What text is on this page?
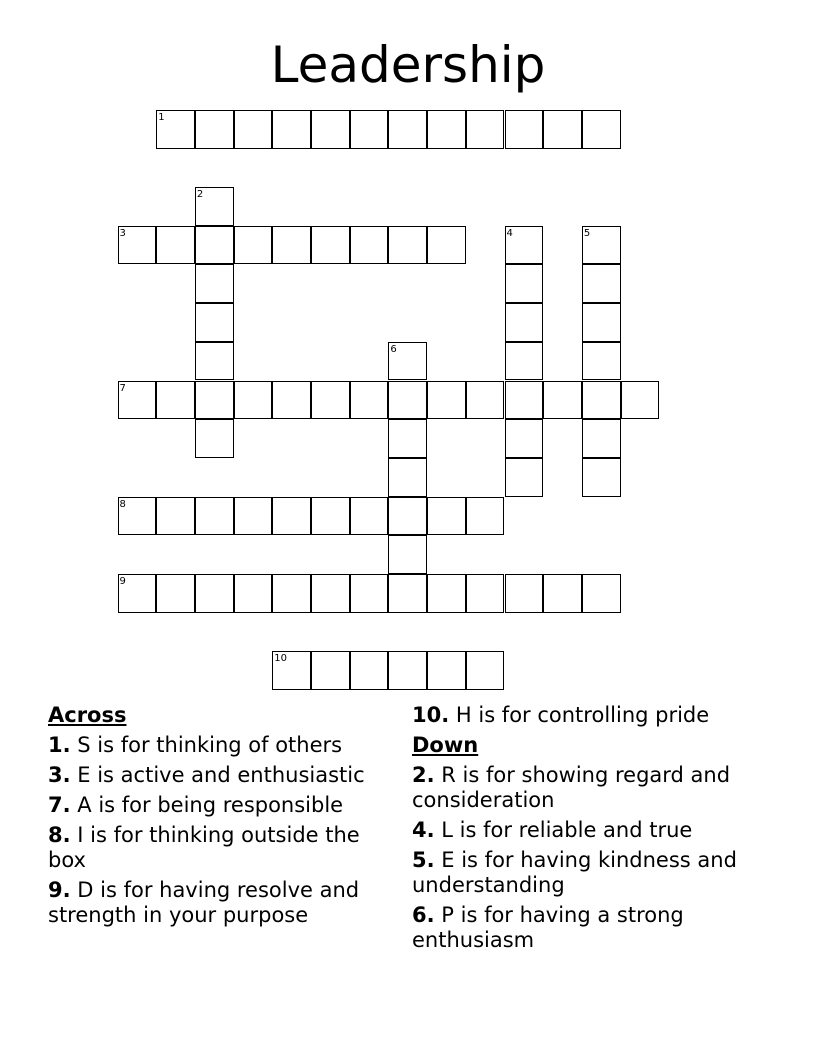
Leadership
1
2
3	4	5
6
7
8
9
10
Across
1. S is for thinking of others
3. E is active and enthusiastic
7. A is for being responsible
8. I is for thinking outside the box
9. D is for having resolve and strength in your purpose
10. H is for controlling pride
Down
2. R is for showing regard and consideration
4. L is for reliable and true
5. E is for having kindness and understanding
6. P is for having a strong enthusiasm
